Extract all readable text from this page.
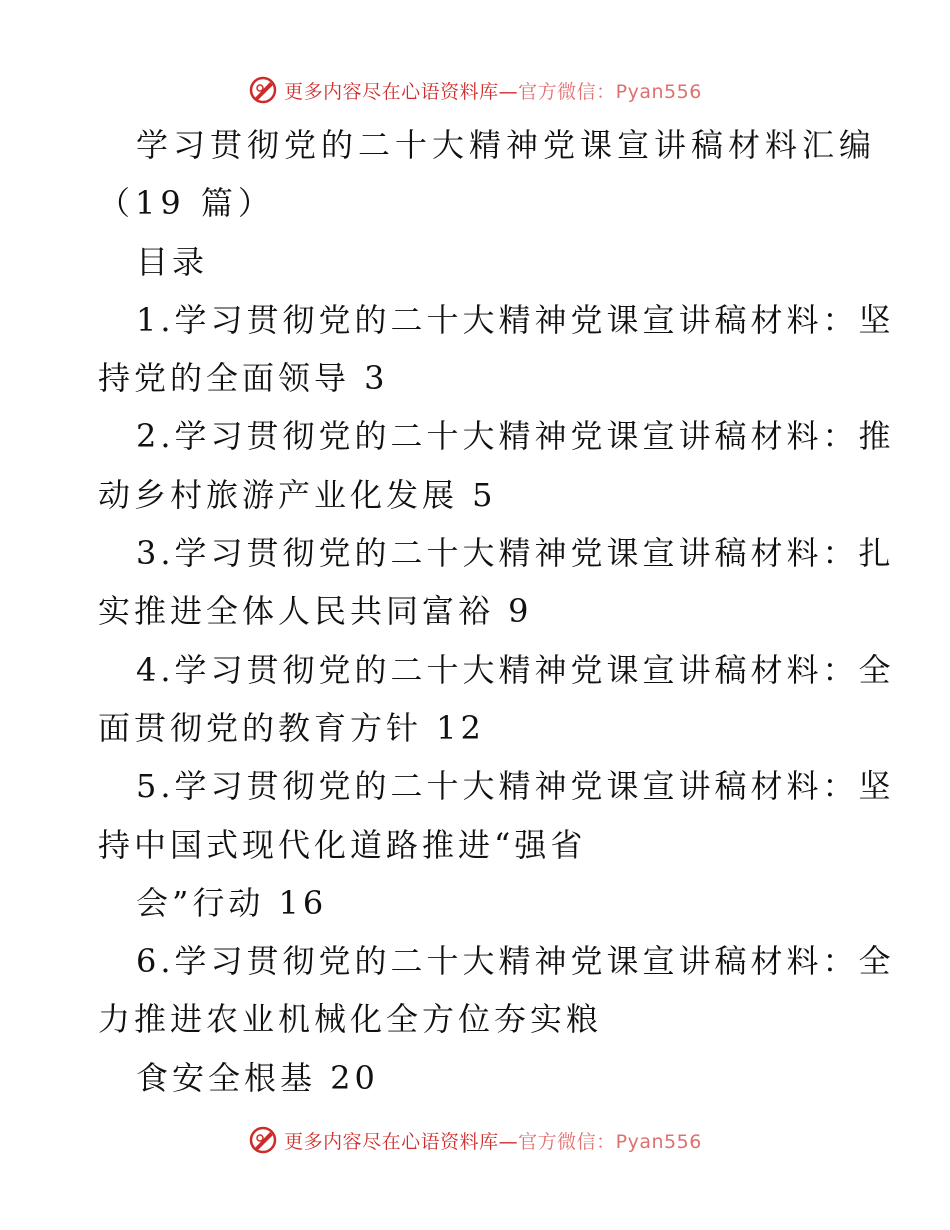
更多内容尽在心语资料库— 官方微信：Pyan556
学习贯彻党的二十大精神党课宣讲稿材料汇编
（19 篇）
目录
1.学习贯彻党的二十大精神党课宣讲稿材料：坚
持党的全面领导 3
2.学习贯彻党的二十大精神党课宣讲稿材料：推
动乡村旅游产业化发展 5
3.学习贯彻党的二十大精神党课宣讲稿材料：扎
实推进全体人民共同富裕 9
4.学习贯彻党的二十大精神党课宣讲稿材料：全
面贯彻党的教育方针 12
5.学习贯彻党的二十大精神党课宣讲稿材料：坚
持中国式现代化道路推进“强省
会”行动 16
6.学习贯彻党的二十大精神党课宣讲稿材料：全
力推进农业机械化全方位夯实粮
食安全根基 20
更多内容尽在心语资料库— 官方微信：Pyan556
